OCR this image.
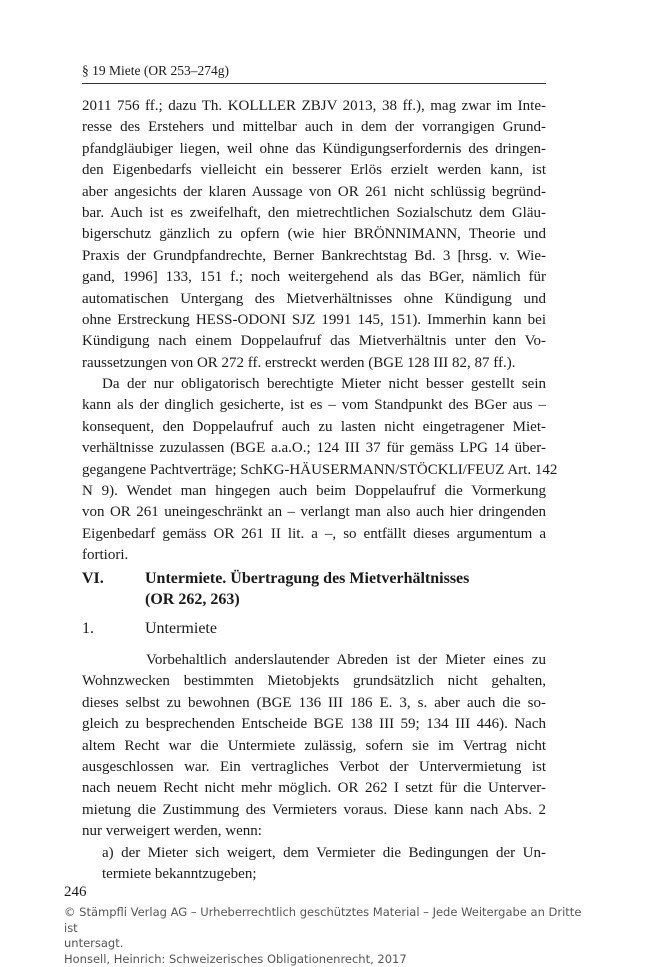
§ 19 Miete (OR 253–274g)
2011 756 ff.; dazu Th. KOLLLER ZBJV 2013, 38 ff.), mag zwar im Inte-
resse des Erstehers und mittelbar auch in dem der vorrangigen Grund-
pfandgläubiger liegen, weil ohne das Kündigungserfordernis des dringen-
den Eigenbedarfs vielleicht ein besserer Erlös erzielt werden kann, ist
aber angesichts der klaren Aussage von OR 261 nicht schlüssig begründ-
bar. Auch ist es zweifelhaft, den mietrechtlichen Sozialschutz dem Gläu-
bigerschutz gänzlich zu opfern (wie hier BRÖNNIMANN, Theorie und
Praxis der Grundpfandrechte, Berner Bankrechtstag Bd. 3 [hrsg. v. Wie-
gand, 1996] 133, 151 f.; noch weitergehend als das BGer, nämlich für
automatischen Untergang des Mietverhältnisses ohne Kündigung und
ohne Erstreckung HESS-ODONI SJZ 1991 145, 151). Immerhin kann bei
Kündigung nach einem Doppelaufruf das Mietverhältnis unter den Vo-
raussetzungen von OR 272 ff. erstreckt werden (BGE 128 III 82, 87 ff.).
Da der nur obligatorisch berechtigte Mieter nicht besser gestellt sein
kann als der dinglich gesicherte, ist es – vom Standpunkt des BGer aus –
konsequent, den Doppelaufruf auch zu lasten nicht eingetragener Miet-
verhältnisse zuzulassen (BGE a.a.O.; 124 III 37 für gemäss LPG 14 über-
gegangene Pachtverträge; SchKG-HÄUSERMANN/STÖCKLI/FEUZ Art. 142
N 9). Wendet man hingegen auch beim Doppelaufruf die Vormerkung
von OR 261 uneingeschränkt an – verlangt man also auch hier dringenden
Eigenbedarf gemäss OR 261 II lit. a –, so entfällt dieses argumentum a
fortiori.
VI.	Untermiete. Übertragung des Mietverhältnisses
(OR 262, 263)
1.	Untermiete
Vorbehaltlich anderslautender Abreden ist der Mieter eines zu
Wohnzwecken bestimmten Mietobjekts grundsätzlich nicht gehalten,
dieses selbst zu bewohnen (BGE 136 III 186 E. 3, s. aber auch die so-
gleich zu besprechenden Entscheide BGE 138 III 59; 134 III 446). Nach
altem Recht war die Untermiete zulässig, sofern sie im Vertrag nicht
ausgeschlossen war. Ein vertragliches Verbot der Untervermietung ist
nach neuem Recht nicht mehr möglich. OR 262 I setzt für die Unterver-
mietung die Zustimmung des Vermieters voraus. Diese kann nach Abs. 2
nur verweigert werden, wenn:
a) der Mieter sich weigert, dem Vermieter die Bedingungen der Un-
termiete bekanntzugeben;
246
© Stämpfli Verlag AG – Urheberrechtlich geschütztes Material – Jede Weitergabe an Dritte ist
untersagt.
Honsell, Heinrich: Schweizerisches Obligationenrecht, 2017
